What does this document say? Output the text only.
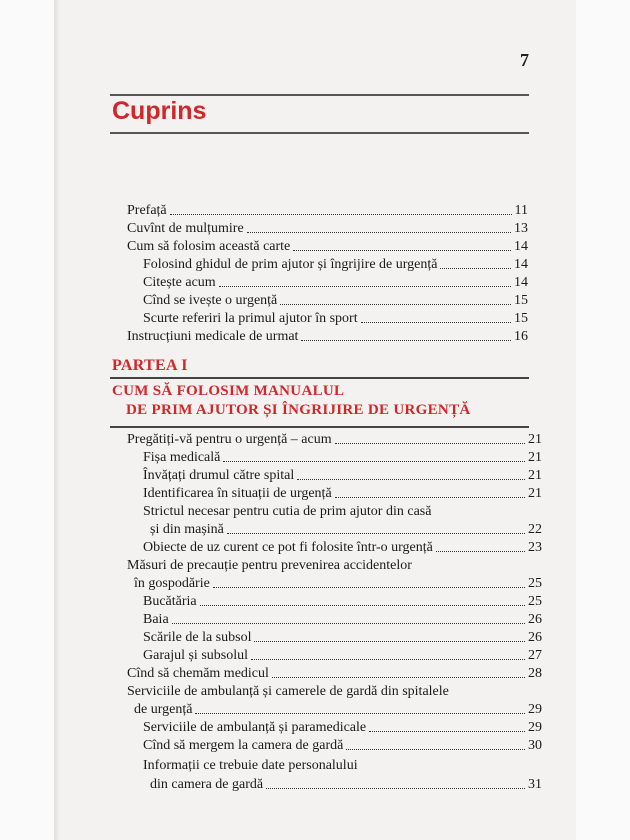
7
Cuprins
Prefață	11
Cuvînt de mulțumire	13
Cum să folosim această carte	14
Folosind ghidul de prim ajutor și îngrijire de urgență	14
Citește acum	14
Cînd se ivește o urgență	15
Scurte referiri la primul ajutor în sport	15
Instrucțiuni medicale de urmat	16
PARTEA I
CUM SĂ FOLOSIM MANUALUL
DE PRIM AJUTOR ȘI ÎNGRIJIRE DE URGENȚĂ
Pregătiți-vă pentru o urgență – acum	21
Fișa medicală	21
Învățați drumul către spital	21
Identificarea în situații de urgență	21
Strictul necesar pentru cutia de prim ajutor din casă
și din mașină	22
Obiecte de uz curent ce pot fi folosite într-o urgență	23
Măsuri de precauție pentru prevenirea accidentelor
în gospodărie	25
Bucătăria	25
Baia	26
Scările de la subsol	26
Garajul și subsolul	27
Cînd să chemăm medicul	28
Serviciile de ambulanță și camerele de gardă din spitalele
de urgență	29
Serviciile de ambulanță și paramedicale	29
Cînd să mergem la camera de gardă	30
Informații ce trebuie date personalului
din camera de gardă	31
